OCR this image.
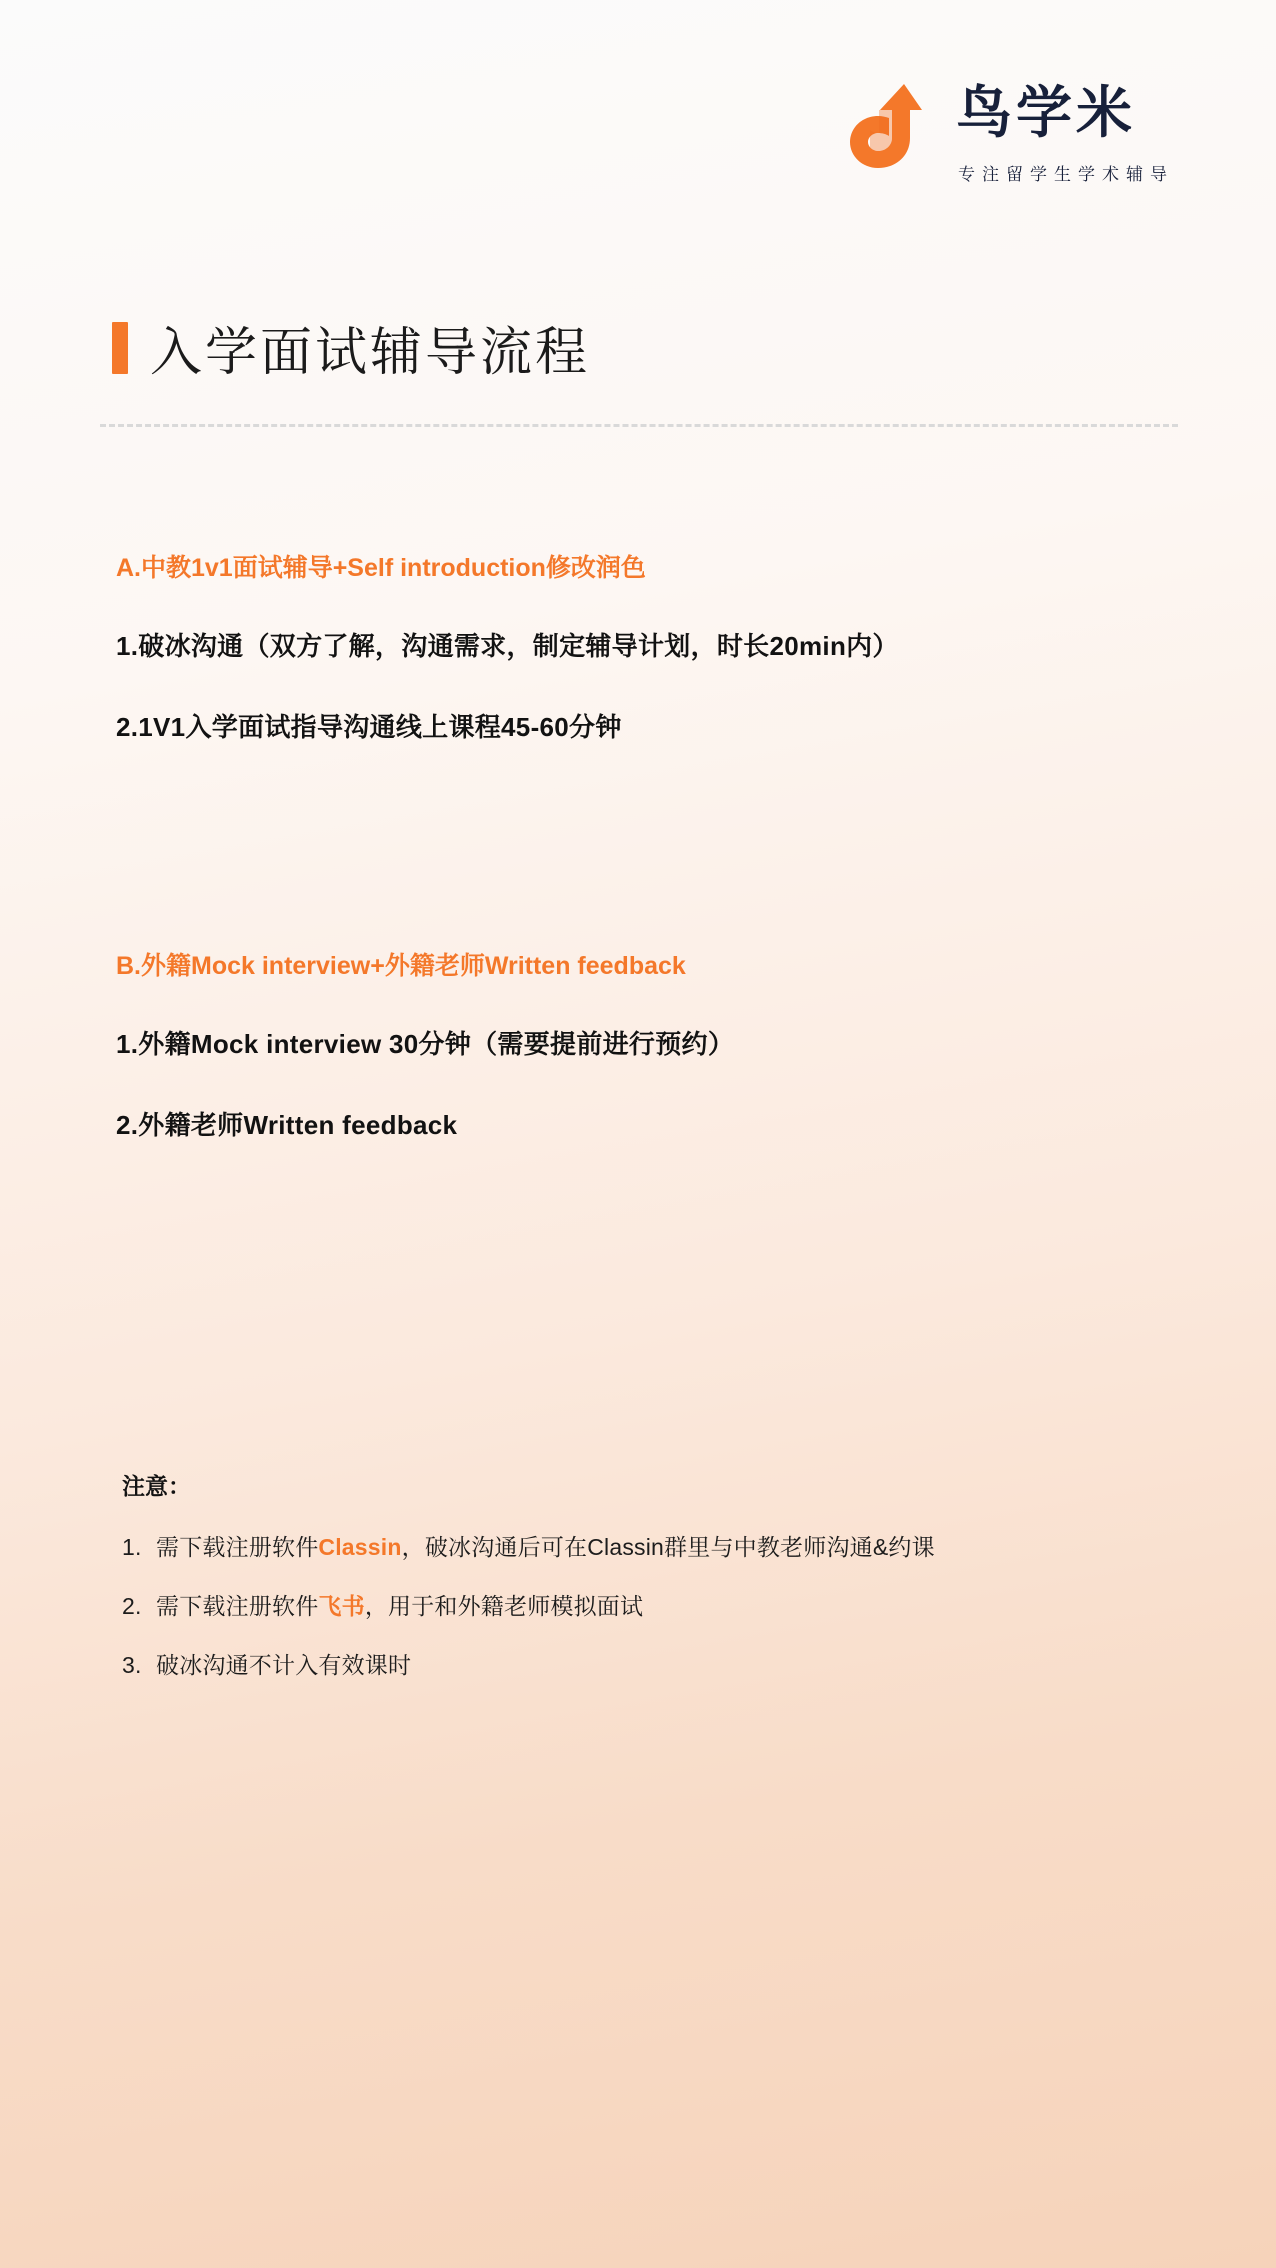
鸟学米
专注留学生学术辅导
入学面试辅导流程
A.中教1v1面试辅导+Self introduction修改润色
1.破冰沟通（双方了解，沟通需求，制定辅导计划，时长20min内）
2.1V1入学面试指导沟通线上课程45-60分钟
B.外籍Mock interview+外籍老师Written feedback
1.外籍Mock interview 30分钟（需要提前进行预约）
2.外籍老师Written feedback
注意：
1. 需下载注册软件Classin，破冰沟通后可在Classin群里与中教老师沟通&约课
2. 需下载注册软件飞书，用于和外籍老师模拟面试
3. 破冰沟通不计入有效课时
